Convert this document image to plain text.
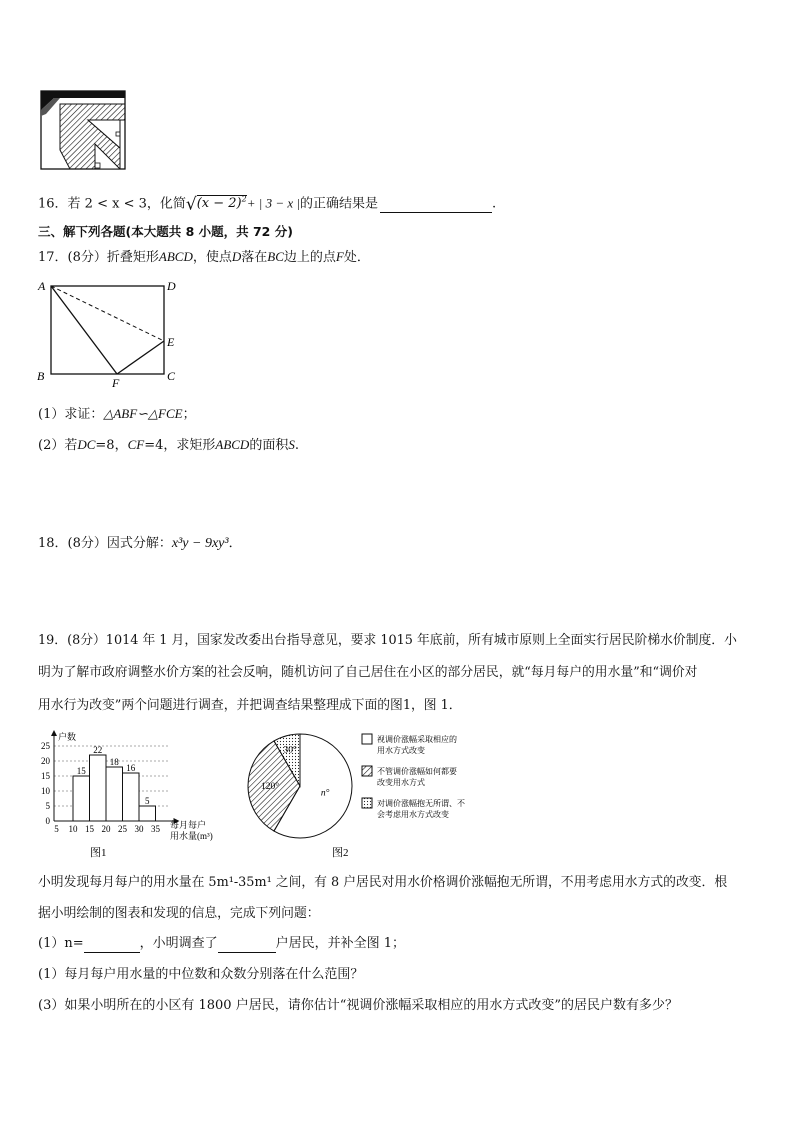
16．若 2 < x < 3，化简$√(x - 2)^2+$ | 3 − x |的正确结果是	.
三、解下列各题(本大题共 8 小题，共 72 分)
17．(8分）折叠矩形ABCD，使点D落在BC边上的点F处．
A	D
E
B	F	C
(1）求证：△ABF∽△FCE；
(2）若DC=8，CF=4，求矩形ABCD的面积S.
18．(8分）因式分解：x³y − 9xy³．
19．(8分）1014 年 1 月，国家发改委出台指导意见，要求 1015 年底前，所有城市原则上全面实行居民阶梯水价制度．小
明为了解市政府调整水价方案的社会反响，随机访问了自己居住在小区的部分居民，就“每月每户的用水量”和“调价对
用水行为改变”两个问题进行调查，并把调查结果整理成下面的图1，图 1．
0
5
10
15
20
25
5 10 15 20 25 30 35
15
22
18
16
5
户数
每月每户
用水量(m³)
图1
120°
30°
n°
视调价涨幅采取相应的
用水方式改变
不管调价涨幅如何都要
改变用水方式
对调价涨幅抱无所谓、不
会考虑用水方式改变
图2
小明发现每月每户的用水量在 5m¹-35m¹ 之间，有 8 户居民对用水价格调价涨幅抱无所谓，不用考虑用水方式的改变．根
据小明绘制的图表和发现的信息，完成下列问题：
(1）n=	，小明调查了	户居民，并补全图 1；
(1）每月每户用水量的中位数和众数分别落在什么范围？
(3）如果小明所在的小区有 1800 户居民，请你估计“视调价涨幅采取相应的用水方式改变”的居民户数有多少？
